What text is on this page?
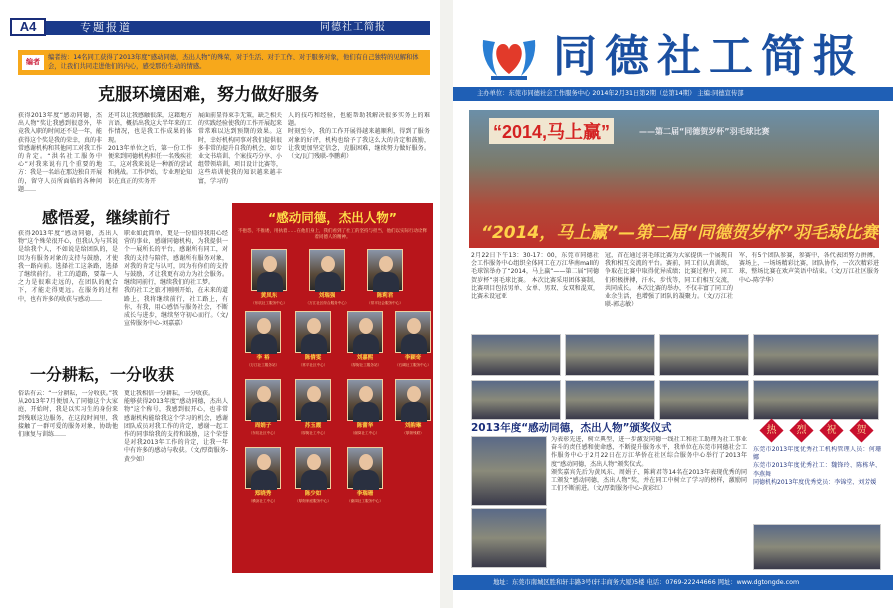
A4	专题报道	同德社工简报
编者
编者按：14名同工获得了2013年度“感动同德，杰出人物”的殊荣，对于生活、对于工作、对于服务对象，他们有自己独特的见解和体会，让我们共同走进他们的内心，感受那份生动的情感。
克服环境困难，努力做好服务
获得2013年度“感动同德，杰出人物”奖让我感到很意外，毕竟我入职的时间还不是一年，能获得这个奖是我的荣幸，真的非常感谢机构和其他同工对我工作的肯定。“洪名社工服务中心”对我来说有几个重要的地方：我是一名站在那边独自开展的，留守人员所面临的各种问题……
还可以让我感触很深，这籍地方言语，概括出我这大半年来的工作情况，也是我工作成果的体现。
2013年单位之后，第一份工作便来到同德机构担任一名残疾社工，这对我来说是一种新的尝试和挑战。工作伊始，专业理论知识在真正的实务开
展面前显得束手无策，缺乏相关的实践经验使我的工作开展起来常常难以达到预期的效果。这时，幸好机构同事对我们提供很多非常的提升自我的机会，如专业文书培训、个案技巧分享、小组带领培训，项目设计比赛等，这些培训使我的知识越来越丰富，学习的
人的技巧和经验，也能帮助我解决很多实务上的难题。
时刻至今，我的工作开展得越来越顺利，得到了服务对象的好评，机构也给予了我这么大的肯定和鼓励，让我更加坚定信念，克服困难，继续努力做好服务。（文/瓦门残联-李鹏莉）
感悟爱，继续前行
获得2013年度“感动同德，杰出人物”这个殊荣很开心，但我认为与其说是给我个人，不如说是给团队的，是因为有服务对象的支持与鼓励，才使我一路向前。选择社工这条路，选择了继续前行。 社工的道路，要靠一人之力是很难走远的，在团队的配合下，才能走得更远。在服务的过程中，也有许多的收获与感动……
职业如此简单，更是一份值得我用心经营的事业，感谢同德机构，为我提供一个一展所长的平台，感谢所有同工，对我的支持与陪伴，感谢所有服务对象，对我的肯定与认可，因为有你们的支持与鼓励，才让我更有动力为社会服务。继续同前行，继续我们的社工梦。
我的社工之旅才刚刚开始，在未来的道路上，我将继续前行，社工路上，有你，有我，用心感悟与服务社会，不断成长与进步，继续坚守初心而行。（文/宣传服务中心-刘嘉嘉）
一分耕耘，一分收获
俗话有云：“一分耕耘，一分收获。”我从2013年7月便加入了同德这个大家庭，开始时，我是以实习生的身份来到残联这边服务，在这段时间里，我接触了一群可爱的服务对象，协助他们康复与训练……
更让我相信一分耕耘，一分收获。
能够获得2013年度“感动同德，杰出人物”这个称号，我感到很开心，也非常感谢机构能给我这个学习的机会，感谢团队成员对我工作的肯定，感谢一起工作的同事给我的支持和鼓励，这个荣誉是对我2013年工作的肯定，让我一年中有许多的感动与收获。（文/厚街服务-黄少如）
“感动同德，杰出人物”
不抱怨，不推诿，用执着……在他们身上，我们看到了社工的坚持与担当，他们以实际行动诠释着同德人的精神。
黄凤东
（东坑社工服务中心）
刘瑞强
（万江社区综合服务中心）
陈莉君
（常平社会服务中心）
李 裕
（万江社工服务站）
陈倩雯
（常平社区中心）
刘嘉熙
（厚街社工服务站）
李颖奇
（石碣社工服务中心）
周娟子
（东坑社区中心）
苏玉霞
（厚街社工中心）
陈蕾华
（谢岗社工中心）
刘韵琳
（厚街残联）
郑晓秀
（横沥社工中心）
陈少如
（厚街家庭服务中心）
李瑞珊
（谢岗社工服务中心）
同德社工简报
主办单位：东莞市同德社会工作服务中心 2014年2月31日第2期（总第14期） 主编:同德宣传部
“2014,马上赢”	——第二届“同德贺岁杯”羽毛球比赛
“2014，马上赢”—第二届“同德贺岁杯”羽毛球比赛
2月22日下午13：30-17：00，东莞市同德社会工作服务中心组织全体同工在万江华南mall的毛球馆举办了“2014，马上赢”——第二届“同德贺岁杯”羽毛球比赛。 本次比赛采用团体赛制，比赛项目包括男单、女单、男双、女双和混双，比赛未设冠亚
冠，首在通过羽毛球比赛为大家提供一个展现自我和相互交流的平台。赛前，同工们认真训练，争取在比赛中取得优异成绩；比赛过程中，同工们积极拼搏，汗水，步伐等，同工们相互交流，共同成长。 本次比赛的举办，不仅丰富了同工的业余生活，也增强了团队的凝聚力。（文/万江社联-郭志敏）
军，有5个团队参赛，参赛中，各代表团努力拼搏，赛场上，一场场精彩比赛，团队协作，一次次精彩进球，整场比赛在欢声笑语中结束。（文/万江社区服务中心-陈学华）
2013年度“感动同德，杰出人物”颁奖仪式
为表彰先进，树立典型，进一步激发同德一线社工和社工助理为社工事业奋斗的责任感和使命感，不断提升服务水平，我单位在东莞市同德社会工作服务中心于2月22日在万江华侨在社区综合服务中心举行了2013年度“感动同德，杰出人物”颁奖仪式。
颁奖嘉宾先后为黄凤东、周娟子、陈莉君等14名在2013年表现优秀的同工颁发“感动同德，杰出人物”奖，并在同工中树立了学习的榜样，激励同工们不断前进。（文/厚街服务中心-黄彩红）
热	烈	祝	贺
东莞市2013年度优秀社工机构管理人员：何珊娜
东莞市2013年度优秀社工：魏锋玲、陈栋华、李燕舞
同德机构2013年度优秀党员：李锦堂、刘芳媛
地址：东莞市南城区胜和轩丰路3号(轩丰商务大厦)5楼 电话：0769-22244666 网址：www.dgtongde.com
